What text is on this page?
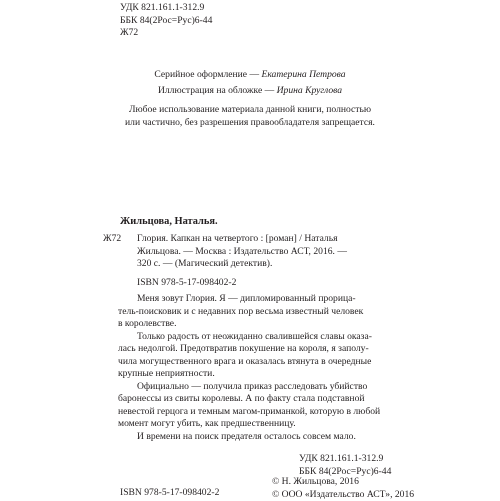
УДК 821.161.1-312.9
ББК 84(2Рос=Рус)6-44
Ж72
Серийное оформление — Екатерина Петрова
Иллюстрация на обложке — Ирина Круглова
Любое использование материала данной книги, полностью
или частично, без разрешения правообладателя запрещается.
Жильцова, Наталья.
Ж72 Глория. Капкан на четвертого : [роман] / Наталья
Жильцова. — Москва : Издательство АСТ, 2016. —
320 с. — (Магический детектив).
ISBN 978-5-17-098402-2

Меня зовут Глория. Я — дипломированный прорица-
тель-поисковик и с недавних пор весьма известный человек
в королевстве.

Только радость от неожиданно свалившейся славы оказа-
лась недолгой. Предотвратив покушение на короля, я заполу-
чила могущественного врага и оказалась втянута в очередные
крупные неприятности.

Официально — получила приказ расследовать убийство
баронессы из свиты королевы. А по факту стала подставной
невестой герцога и темным магом-приманкой, которую в любой
момент могут убить, как предшественницу.

И времени на поиск предателя осталось совсем мало.

УДК 821.161.1-312.9
ББК 84(2Рос=Рус)6-44
ISBN 978-5-17-098402-2
© Н. Жильцова, 2016
© ООО «Издательство АСТ», 2016
